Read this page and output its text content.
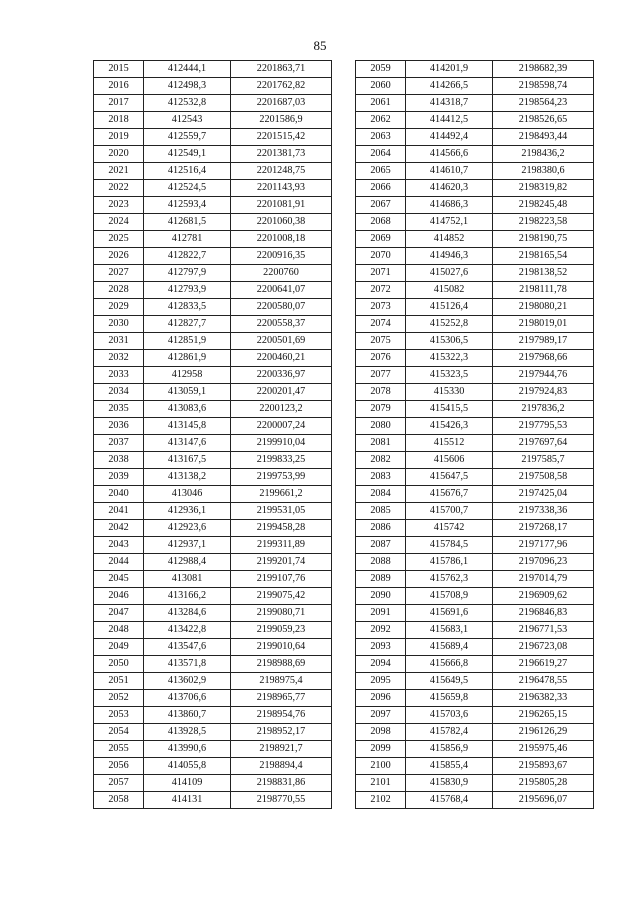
85
2015	412444,1	2201863,71
2016	412498,3	2201762,82
2017	412532,8	2201687,03
2018	412543	2201586,9
2019	412559,7	2201515,42
2020	412549,1	2201381,73
2021	412516,4	2201248,75
2022	412524,5	2201143,93
2023	412593,4	2201081,91
2024	412681,5	2201060,38
2025	412781	2201008,18
2026	412822,7	2200916,35
2027	412797,9	2200760
2028	412793,9	2200641,07
2029	412833,5	2200580,07
2030	412827,7	2200558,37
2031	412851,9	2200501,69
2032	412861,9	2200460,21
2033	412958	2200336,97
2034	413059,1	2200201,47
2035	413083,6	2200123,2
2036	413145,8	2200007,24
2037	413147,6	2199910,04
2038	413167,5	2199833,25
2039	413138,2	2199753,99
2040	413046	2199661,2
2041	412936,1	2199531,05
2042	412923,6	2199458,28
2043	412937,1	2199311,89
2044	412988,4	2199201,74
2045	413081	2199107,76
2046	413166,2	2199075,42
2047	413284,6	2199080,71
2048	413422,8	2199059,23
2049	413547,6	2199010,64
2050	413571,8	2198988,69
2051	413602,9	2198975,4
2052	413706,6	2198965,77
2053	413860,7	2198954,76
2054	413928,5	2198952,17
2055	413990,6	2198921,7
2056	414055,8	2198894,4
2057	414109	2198831,86
2058	414131	2198770,55
2059	414201,9	2198682,39
2060	414266,5	2198598,74
2061	414318,7	2198564,23
2062	414412,5	2198526,65
2063	414492,4	2198493,44
2064	414566,6	2198436,2
2065	414610,7	2198380,6
2066	414620,3	2198319,82
2067	414686,3	2198245,48
2068	414752,1	2198223,58
2069	414852	2198190,75
2070	414946,3	2198165,54
2071	415027,6	2198138,52
2072	415082	2198111,78
2073	415126,4	2198080,21
2074	415252,8	2198019,01
2075	415306,5	2197989,17
2076	415322,3	2197968,66
2077	415323,5	2197944,76
2078	415330	2197924,83
2079	415415,5	2197836,2
2080	415426,3	2197795,53
2081	415512	2197697,64
2082	415606	2197585,7
2083	415647,5	2197508,58
2084	415676,7	2197425,04
2085	415700,7	2197338,36
2086	415742	2197268,17
2087	415784,5	2197177,96
2088	415786,1	2197096,23
2089	415762,3	2197014,79
2090	415708,9	2196909,62
2091	415691,6	2196846,83
2092	415683,1	2196771,53
2093	415689,4	2196723,08
2094	415666,8	2196619,27
2095	415649,5	2196478,55
2096	415659,8	2196382,33
2097	415703,6	2196265,15
2098	415782,4	2196126,29
2099	415856,9	2195975,46
2100	415855,4	2195893,67
2101	415830,9	2195805,28
2102	415768,4	2195696,07
